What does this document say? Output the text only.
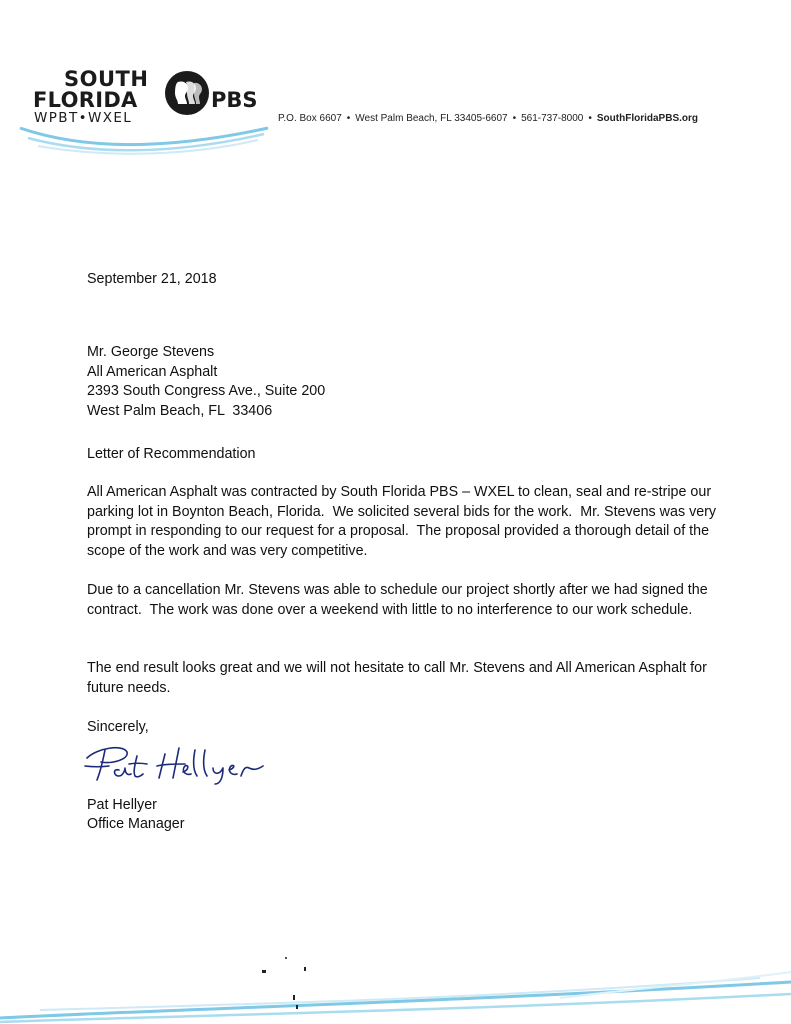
SOUTH
FLORIDA
WPBT•WXEL
PBS
P.O. Box 6607 • West Palm Beach, FL 33405-6607 • 561-737-8000 • SouthFloridaPBS.org

September 21, 2018

Mr. George Stevens
All American Asphalt
2393 South Congress Ave., Suite 200
West Palm Beach, FL  33406

Letter of Recommendation

All American Asphalt was contracted by South Florida PBS – WXEL to clean, seal and re-stripe our parking lot in Boynton Beach, Florida.  We solicited several bids for the work.  Mr. Stevens was very prompt in responding to our request for a proposal.  The proposal provided a thorough detail of the scope of the work and was very competitive.

Due to a cancellation Mr. Stevens was able to schedule our project shortly after we had signed the contract.  The work was done over a weekend with little to no interference to our work schedule.

The end result looks great and we will not hesitate to call Mr. Stevens and All American Asphalt for future needs.

Sincerely,

Pat Hellyer

Office Manager
